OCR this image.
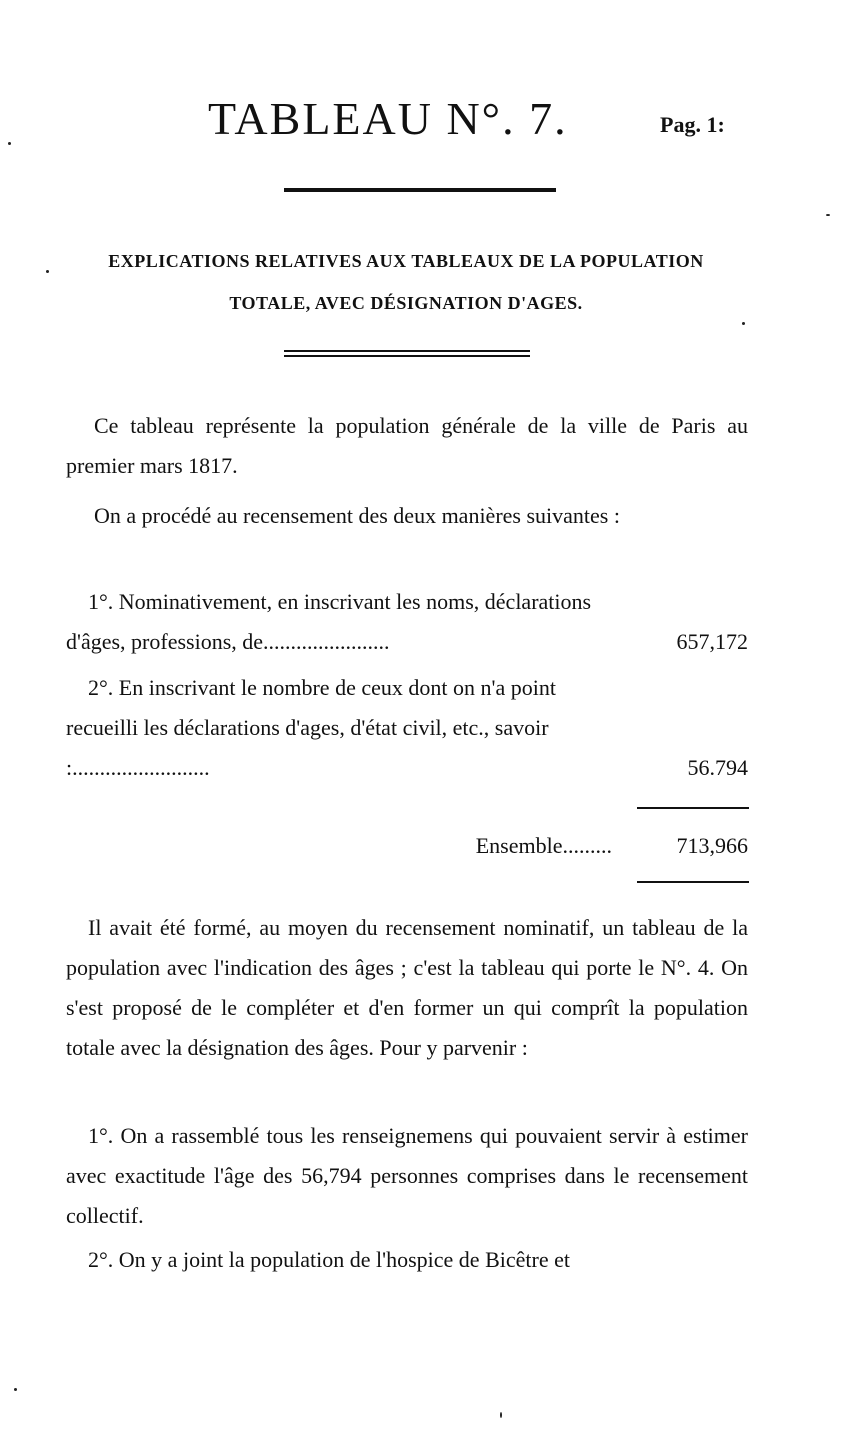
TABLEAU N°. 7.	Pag. 1:
EXPLICATIONS RELATIVES AUX TABLEAUX DE LA POPULATION
TOTALE, AVEC DÉSIGNATION D'AGES.
Ce tableau représente la population générale de la ville de Paris au premier mars 1817.
On a procédé au recensement des deux manières suivantes :
1°. Nominativement, en inscrivant les noms, déclarations d'âges, professions, de.......................	657,172
2°. En inscrivant le nombre de ceux dont on n'a point recueilli les déclarations d'ages, d'état civil, etc., savoir :.........................	56.794
Ensemble.........	713,966
Il avait été formé, au moyen du recensement nominatif, un tableau de la population avec l'indication des âges ; c'est la tableau qui porte le N°. 4. On s'est proposé de le compléter et d'en former un qui comprît la population totale avec la désignation des âges. Pour y parvenir :
1°. On a rassemblé tous les renseignemens qui pouvaient servir à estimer avec exactitude l'âge des 56,794 personnes comprises dans le recensement collectif.
2°. On y a joint la population de l'hospice de Bicêtre et
